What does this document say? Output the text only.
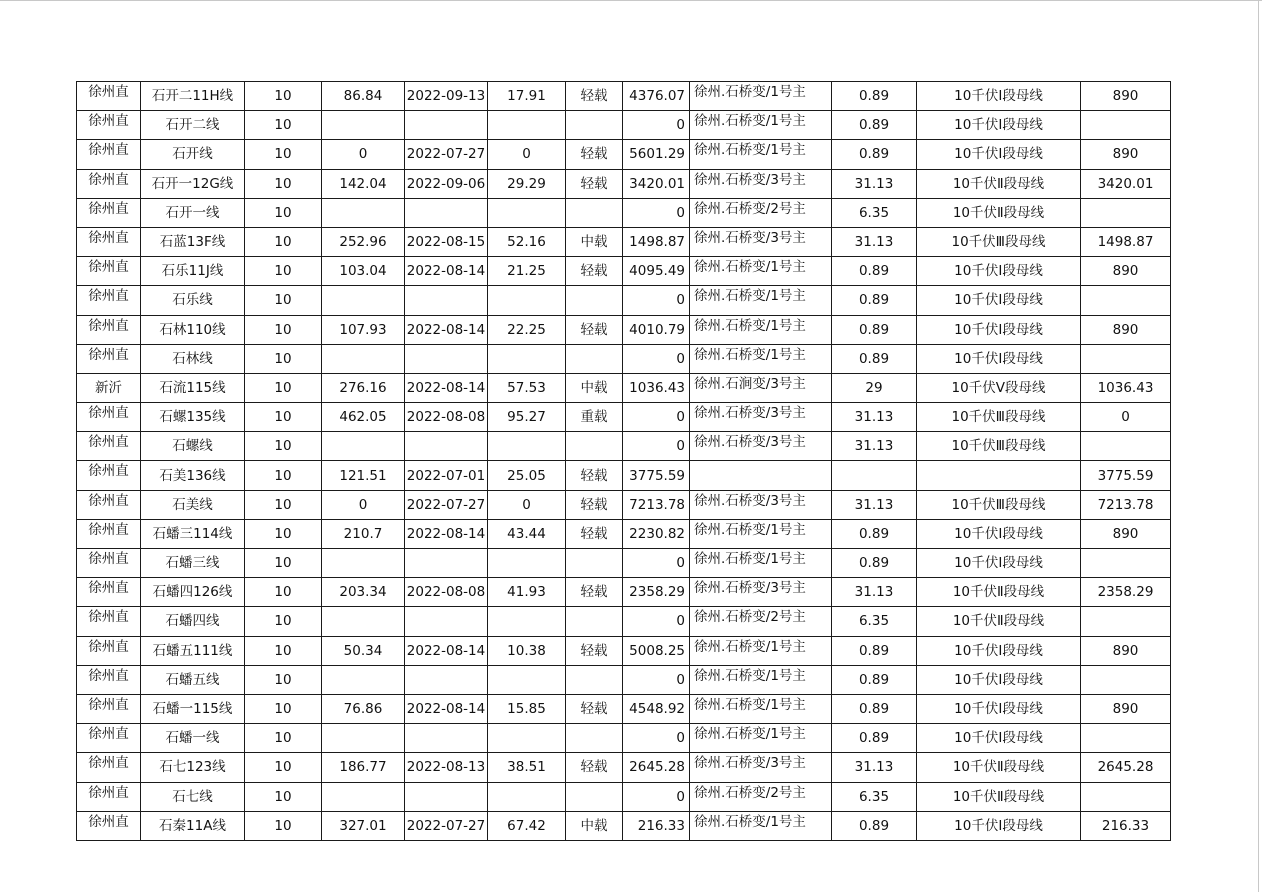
徐州直	石开二11H线	10	86.84	2022-09-13	17.91	轻载	4376.07	徐州.石桥变/1号主	0.89	10千伏Ⅰ段母线	890
徐州直	石开二线	10					0	徐州.石桥变/1号主	0.89	10千伏Ⅰ段母线	
徐州直	石开线	10	0	2022-07-27	0	轻载	5601.29	徐州.石桥变/1号主	0.89	10千伏Ⅰ段母线	890
徐州直	石开一12G线	10	142.04	2022-09-06	29.29	轻载	3420.01	徐州.石桥变/3号主	31.13	10千伏Ⅱ段母线	3420.01
徐州直	石开一线	10					0	徐州.石桥变/2号主	6.35	10千伏Ⅱ段母线	
徐州直	石蓝13F线	10	252.96	2022-08-15	52.16	中载	1498.87	徐州.石桥变/3号主	31.13	10千伏Ⅲ段母线	1498.87
徐州直	石乐11J线	10	103.04	2022-08-14	21.25	轻载	4095.49	徐州.石桥变/1号主	0.89	10千伏Ⅰ段母线	890
徐州直	石乐线	10					0	徐州.石桥变/1号主	0.89	10千伏Ⅰ段母线	
徐州直	石林110线	10	107.93	2022-08-14	22.25	轻载	4010.79	徐州.石桥变/1号主	0.89	10千伏Ⅰ段母线	890
徐州直	石林线	10					0	徐州.石桥变/1号主	0.89	10千伏Ⅰ段母线	
新沂	石流115线	10	276.16	2022-08-14	57.53	中载	1036.43	徐州.石涧变/3号主	29	10千伏Ⅴ段母线	1036.43
徐州直	石螺135线	10	462.05	2022-08-08	95.27	重载	0	徐州.石桥变/3号主	31.13	10千伏Ⅲ段母线	0
徐州直	石螺线	10					0	徐州.石桥变/3号主	31.13	10千伏Ⅲ段母线	
徐州直	石美136线	10	121.51	2022-07-01	25.05	轻载	3775.59				3775.59
徐州直	石美线	10	0	2022-07-27	0	轻载	7213.78	徐州.石桥变/3号主	31.13	10千伏Ⅲ段母线	7213.78
徐州直	石蟠三114线	10	210.7	2022-08-14	43.44	轻载	2230.82	徐州.石桥变/1号主	0.89	10千伏Ⅰ段母线	890
徐州直	石蟠三线	10					0	徐州.石桥变/1号主	0.89	10千伏Ⅰ段母线	
徐州直	石蟠四126线	10	203.34	2022-08-08	41.93	轻载	2358.29	徐州.石桥变/3号主	31.13	10千伏Ⅱ段母线	2358.29
徐州直	石蟠四线	10					0	徐州.石桥变/2号主	6.35	10千伏Ⅱ段母线	
徐州直	石蟠五111线	10	50.34	2022-08-14	10.38	轻载	5008.25	徐州.石桥变/1号主	0.89	10千伏Ⅰ段母线	890
徐州直	石蟠五线	10					0	徐州.石桥变/1号主	0.89	10千伏Ⅰ段母线	
徐州直	石蟠一115线	10	76.86	2022-08-14	15.85	轻载	4548.92	徐州.石桥变/1号主	0.89	10千伏Ⅰ段母线	890
徐州直	石蟠一线	10					0	徐州.石桥变/1号主	0.89	10千伏Ⅰ段母线	
徐州直	石七123线	10	186.77	2022-08-13	38.51	轻载	2645.28	徐州.石桥变/3号主	31.13	10千伏Ⅱ段母线	2645.28
徐州直	石七线	10					0	徐州.石桥变/2号主	6.35	10千伏Ⅱ段母线	
徐州直	石秦11A线	10	327.01	2022-07-27	67.42	中载	216.33	徐州.石桥变/1号主	0.89	10千伏Ⅰ段母线	216.33
